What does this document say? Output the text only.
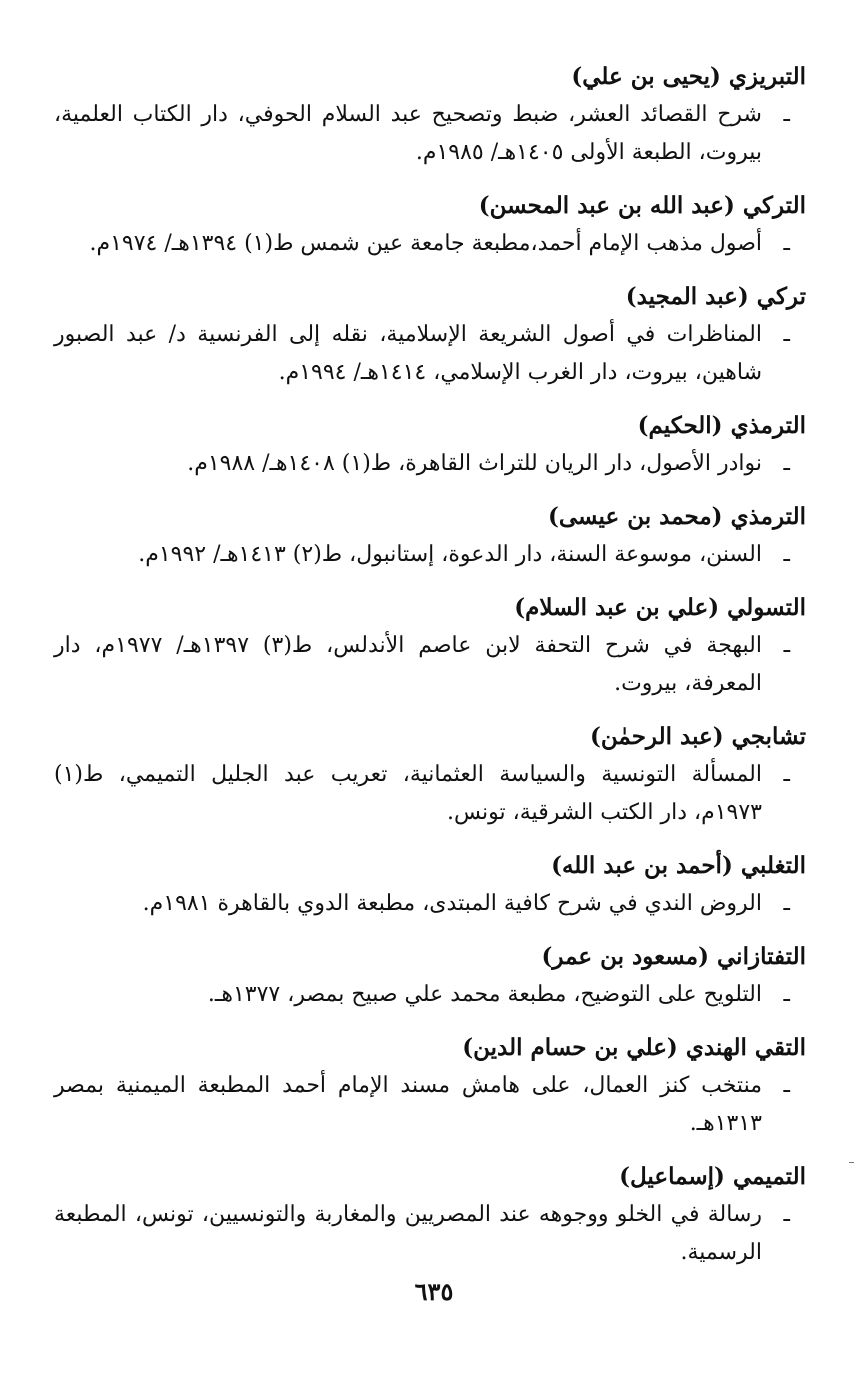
التبريزي (يحيى بن علي)
ـشرح القصائد العشر، ضبط وتصحيح عبد السلام الحوفي، دار الكتاب العلمية، بيروت، الطبعة الأولى ١٤٠٥هـ/ ١٩٨٥م.
التركي (عبد الله بن عبد المحسن)
ـأصول مذهب الإمام أحمد،مطبعة جامعة عين شمس ط(١) ١٣٩٤هـ/ ١٩٧٤م.
تركي (عبد المجيد)
ـالمناظرات في أصول الشريعة الإسلامية، نقله إلى الفرنسية د/ عبد الصبور شاهين، بيروت، دار الغرب الإسلامي، ١٤١٤هـ/ ١٩٩٤م.
الترمذي (الحكيم)
ـنوادر الأصول، دار الريان للتراث القاهرة، ط(١) ١٤٠٨هـ/ ١٩٨٨م.
الترمذي (محمد بن عيسى)
ـالسنن، موسوعة السنة، دار الدعوة، إستانبول، ط(٢) ١٤١٣هـ/ ١٩٩٢م.
التسولي (علي بن عبد السلام)
ـالبهجة في شرح التحفة لابن عاصم الأندلس، ط(٣) ١٣٩٧هـ/ ١٩٧٧م، دار المعرفة، بيروت.
تشابجي (عبد الرحمٰن)
ـالمسألة التونسية والسياسة العثمانية، تعريب عبد الجليل التميمي، ط(١) ١٩٧٣م، دار الكتب الشرقية، تونس.
التغلبي (أحمد بن عبد الله)
ـالروض الندي في شرح كافية المبتدى، مطبعة الدوي بالقاهرة ١٩٨١م.
التفتازاني (مسعود بن عمر)
ـالتلويح على التوضيح، مطبعة محمد علي صبيح بمصر، ١٣٧٧هـ.
التقي الهندي (علي بن حسام الدين)
ـمنتخب كنز العمال، على هامش مسند الإمام أحمد المطبعة الميمنية بمصر ١٣١٣هـ.
التميمي (إسماعيل)
ـرسالة في الخلو ووجوهه عند المصريين والمغاربة والتونسيين، تونس، المطبعة الرسمية.
٦٣٥
